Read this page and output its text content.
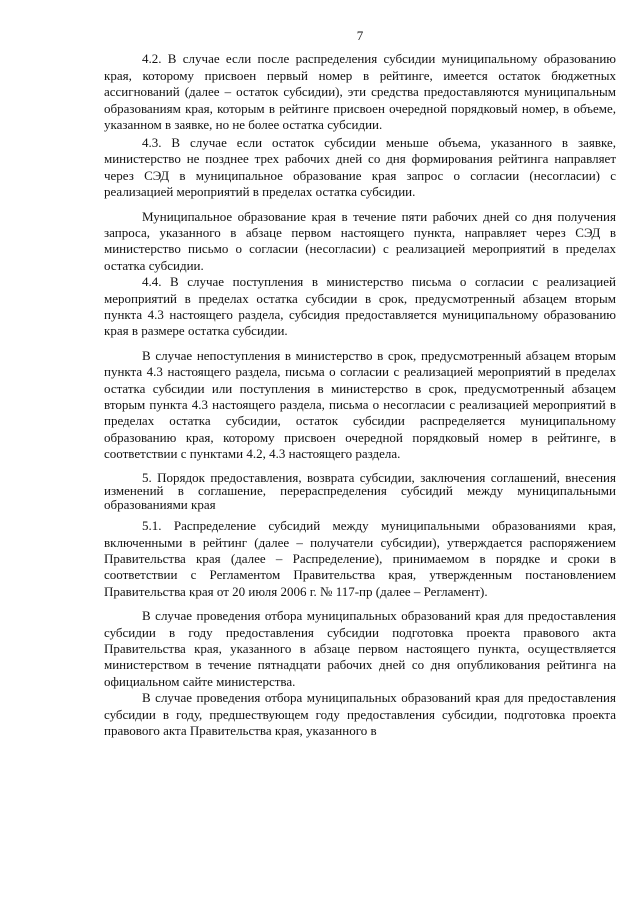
7

4.2. В случае если после распределения субсидии муниципальному образованию края, которому присвоен первый номер в рейтинге, имеется остаток бюджетных ассигнований (далее – остаток субсидии), эти средства предоставляются муниципальным образованиям края, которым в рейтинге присвоен очередной порядковый номер, в объеме, указанном в заявке, но не более остатка субсидии.

4.3. В случае если остаток субсидии меньше объема, указанного в заявке, министерство не позднее трех рабочих дней со дня формирования рейтинга направляет через СЭД в муниципальное образование края запрос о согласии (несогласии) с реализацией мероприятий в пределах остатка субсидии.

Муниципальное образование края в течение пяти рабочих дней со дня получения запроса, указанного в абзаце первом настоящего пункта, направляет через СЭД в министерство письмо о согласии (несогласии) с реализацией мероприятий в пределах остатка субсидии.

4.4. В случае поступления в министерство письма о согласии с реализацией мероприятий в пределах остатка субсидии в срок, предусмотренный абзацем вторым пункта 4.3 настоящего раздела, субсидия предоставляется муниципальному образованию края в размере остатка субсидии.

В случае непоступления в министерство в срок, предусмотренный абзацем вторым пункта 4.3 настоящего раздела, письма о согласии с реализацией мероприятий в пределах остатка субсидии или поступления в министерство в срок, предусмотренный абзацем вторым пункта 4.3 настоящего раздела, письма о несогласии с реализацией мероприятий в пределах остатка субсидии, остаток субсидии распределяется муниципальному образованию края, которому присвоен очередной порядковый номер в рейтинге, в соответствии с пунктами 4.2, 4.3 настоящего раздела.

5. Порядок предоставления, возврата субсидии, заключения соглашений, внесения изменений в соглашение, перераспределения субсидий между муниципальными образованиями края

5.1. Распределение субсидий между муниципальными образованиями края, включенными в рейтинг (далее – получатели субсидии), утверждается распоряжением Правительства края (далее – Распределение), принимаемом в порядке и сроки в соответствии с Регламентом Правительства края, утвержденным постановлением Правительства края от 20 июля 2006 г. № 117-пр (далее – Регламент).

В случае проведения отбора муниципальных образований края для предоставления субсидии в году предоставления субсидии подготовка проекта правового акта Правительства края, указанного в абзаце первом настоящего пункта, осуществляется министерством в течение пятнадцати рабочих дней со дня опубликования рейтинга на официальном сайте министерства.

В случае проведения отбора муниципальных образований края для предоставления субсидии в году, предшествующем году предоставления субсидии, подготовка проекта правового акта Правительства края, указанного в
